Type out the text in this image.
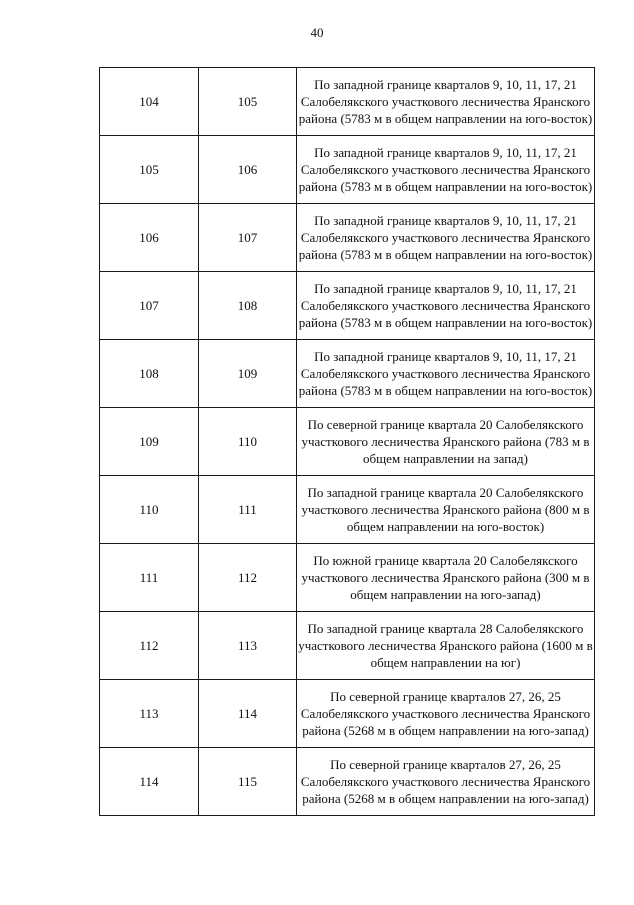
40
104	105	По западной границе кварталов 9, 10, 11, 17, 21 Салобелякского участкового лесничества Яранского района (5783 м в общем направлении на юго-восток)
105	106	По западной границе кварталов 9, 10, 11, 17, 21 Салобелякского участкового лесничества Яранского района (5783 м в общем направлении на юго-восток)
106	107	По западной границе кварталов 9, 10, 11, 17, 21 Салобелякского участкового лесничества Яранского района (5783 м в общем направлении на юго-восток)
107	108	По западной границе кварталов 9, 10, 11, 17, 21 Салобелякского участкового лесничества Яранского района (5783 м в общем направлении на юго-восток)
108	109	По западной границе кварталов 9, 10, 11, 17, 21 Салобелякского участкового лесничества Яранского района (5783 м в общем направлении на юго-восток)
109	110	По северной границе квартала 20 Салобелякского участкового лесничества Яранского района (783 м в общем направлении на запад)
110	111	По западной границе квартала 20 Салобелякского участкового лесничества Яранского района (800 м в общем направлении на юго-восток)
111	112	По южной границе квартала 20 Салобелякского участкового лесничества Яранского района (300 м в общем направлении на юго-запад)
112	113	По западной границе квартала 28 Салобелякского участкового лесничества Яранского района (1600 м в общем направлении на юг)
113	114	По северной границе кварталов 27, 26, 25 Салобелякского участкового лесничества Яранского района (5268 м в общем направлении на юго-запад)
114	115	По северной границе кварталов 27, 26, 25 Салобелякского участкового лесничества Яранского района (5268 м в общем направлении на юго-запад)
